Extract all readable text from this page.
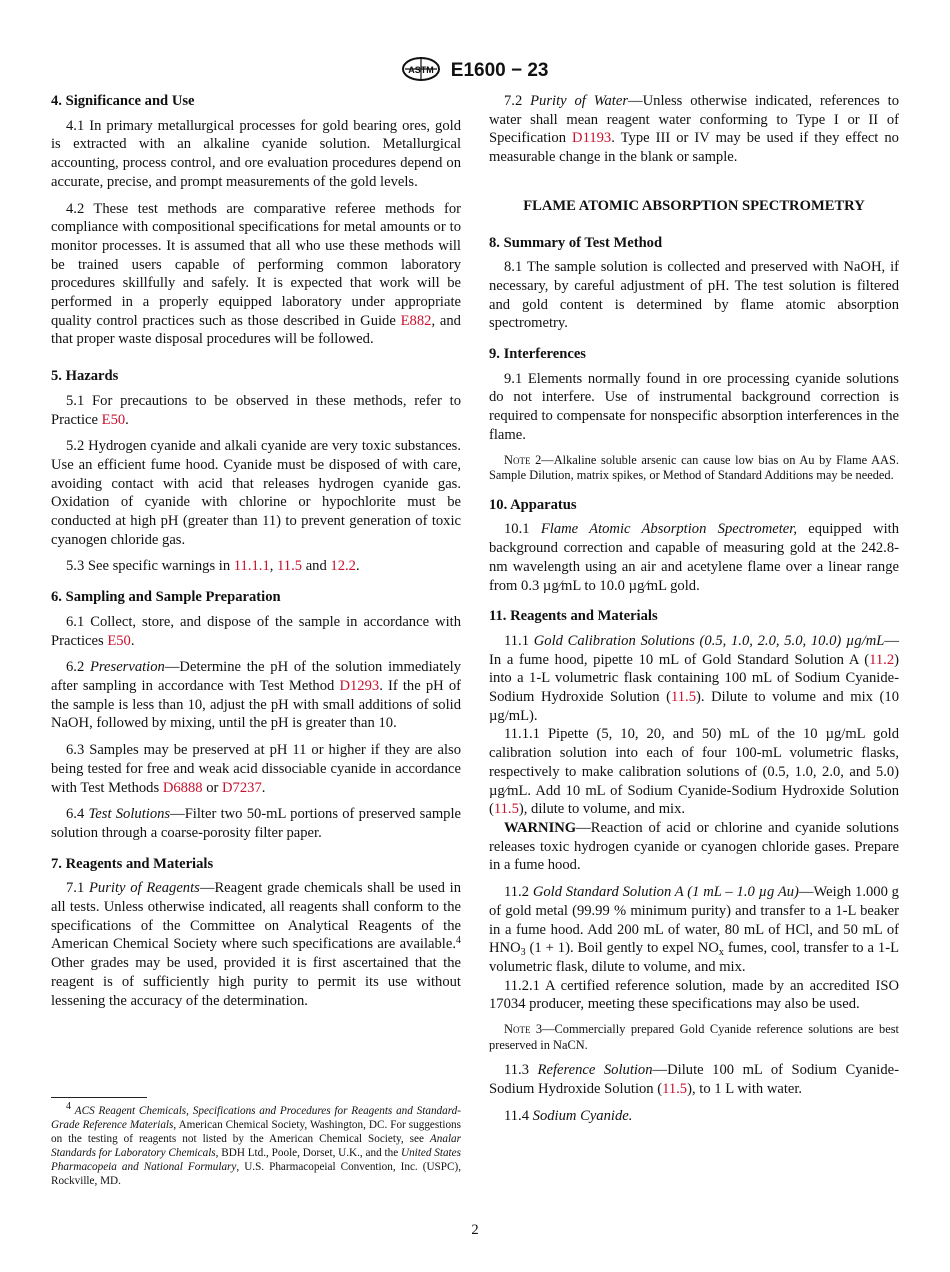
ASTM E1600 − 23
4. Significance and Use

4.1 In primary metallurgical processes for gold bearing ores, gold is extracted with an alkaline cyanide solution. Metallurgical accounting, process control, and ore evaluation procedures depend on accurate, precise, and prompt measurements of the gold levels.

4.2 These test methods are comparative referee methods for compliance with compositional specifications for metal amounts or to monitor processes. It is assumed that all who use these methods will be trained users capable of performing common laboratory procedures skillfully and safely. It is expected that work will be performed in a properly equipped laboratory under appropriate quality control practices such as those described in Guide E882, and that proper waste disposal procedures will be followed.

5. Hazards

5.1 For precautions to be observed in these methods, refer to Practice E50.

5.2 Hydrogen cyanide and alkali cyanide are very toxic substances. Use an efficient fume hood. Cyanide must be disposed of with care, avoiding contact with acid that releases hydrogen cyanide gas. Oxidation of cyanide with chlorine or hypochlorite must be conducted at high pH (greater than 11) to prevent generation of toxic cyanogen chloride gas.

5.3 See specific warnings in 11.1.1, 11.5 and 12.2.

6. Sampling and Sample Preparation

6.1 Collect, store, and dispose of the sample in accordance with Practices E50.

6.2 Preservation—Determine the pH of the solution immediately after sampling in accordance with Test Method D1293. If the pH of the sample is less than 10, adjust the pH with small additions of solid NaOH, followed by mixing, until the pH is greater than 10.

6.3 Samples may be preserved at pH 11 or higher if they are also being tested for free and weak acid dissociable cyanide in accordance with Test Methods D6888 or D7237.

6.4 Test Solutions—Filter two 50-mL portions of preserved sample solution through a coarse-porosity filter paper.

7. Reagents and Materials

7.1 Purity of Reagents—Reagent grade chemicals shall be used in all tests. Unless otherwise indicated, all reagents shall conform to the specifications of the Committee on Analytical Reagents of the American Chemical Society where such specifications are available.$^4$ Other grades may be used, provided it is first ascertained that the reagent is of sufficiently high purity to permit its use without lessening the accuracy of the determination.

$^4$ ACS Reagent Chemicals, Specifications and Procedures for Reagents and Standard-Grade Reference Materials, American Chemical Society, Washington, DC. For suggestions on the testing of reagents not listed by the American Chemical Society, see Analar Standards for Laboratory Chemicals, BDH Ltd., Poole, Dorset, U.K., and the United States Pharmacopeia and National Formulary, U.S. Pharmacopeial Convention, Inc. (USPC), Rockville, MD.

7.2 Purity of Water—Unless otherwise indicated, references to water shall mean reagent water conforming to Type I or II of Specification D1193. Type III or IV may be used if they effect no measurable change in the blank or sample.

FLAME ATOMIC ABSORPTION SPECTROMETRY
8. Summary of Test Method

8.1 The sample solution is collected and preserved with NaOH, if necessary, by careful adjustment of pH. The test solution is filtered and gold content is determined by flame atomic absorption spectrometry.

9. Interferences

9.1 Elements normally found in ore processing cyanide solutions do not interfere. Use of instrumental background correction is required to compensate for nonspecific absorption interferences in the flame.

Note 2—Alkaline soluble arsenic can cause low bias on Au by Flame AAS. Sample Dilution, matrix spikes, or Method of Standard Additions may be needed.

10. Apparatus

10.1 Flame Atomic Absorption Spectrometer, equipped with background correction and capable of measuring gold at the 242.8-nm wavelength using an air and acetylene flame over a linear range from 0.3 µg⁄mL to 10.0 µg⁄mL gold.

11. Reagents and Materials

11.1 Gold Calibration Solutions (0.5, 1.0, 2.0, 5.0, 10.0) µg/mL—In a fume hood, pipette 10 mL of Gold Standard Solution A (11.2) into a 1-L volumetric flask containing 100 mL of Sodium Cyanide-Sodium Hydroxide Solution (11.5). Dilute to volume and mix (10 µg/mL).

11.1.1 Pipette (5, 10, 20, and 50) mL of the 10 µg/mL gold calibration solution into each of four 100-mL volumetric flasks, respectively to make calibration solutions of (0.5, 1.0, 2.0, and 5.0) µg⁄mL. Add 10 mL of Sodium Cyanide-Sodium Hydroxide Solution (11.5), dilute to volume, and mix.

WARNING—Reaction of acid or chlorine and cyanide solutions releases toxic hydrogen cyanide or cyanogen chloride gases. Prepare in a fume hood.

11.2 Gold Standard Solution A (1 mL – 1.0 µg Au)—Weigh 1.000 g of gold metal (99.99 % minimum purity) and transfer to a 1-L beaker in a fume hood. Add 200 mL of water, 80 mL of HCl, and 50 mL of $HNO_3$ (1 + 1). Boil gently to expel $NO_x$ fumes, cool, transfer to a 1-L volumetric flask, dilute to volume, and mix.

11.2.1 A certified reference solution, made by an accredited ISO 17034 producer, meeting these specifications may also be used.

Note 3—Commercially prepared Gold Cyanide reference solutions are best preserved in NaCN.

11.3 Reference Solution—Dilute 100 mL of Sodium Cyanide-Sodium Hydroxide Solution (11.5), to 1 L with water.

11.4 Sodium Cyanide.

2
